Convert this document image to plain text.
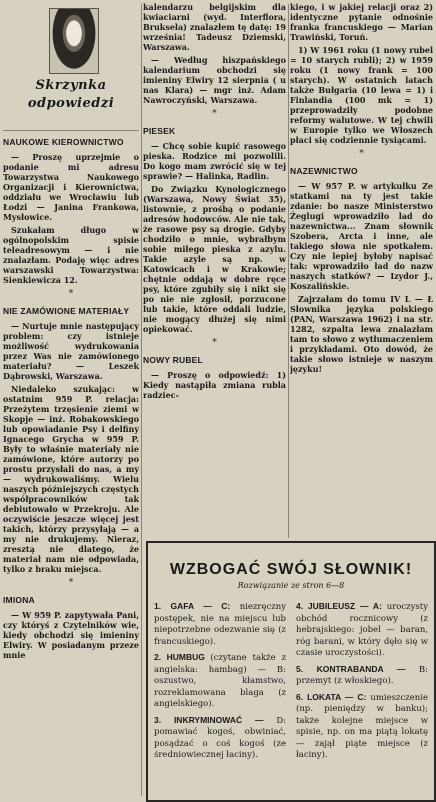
Skrzynka
odpowiedzi
NAUKOWE KIEROWNICTWO

— Proszę uprzejmie o podanie mi adresu Towarzystwa Naukowego Organizacji i Kierownictwa, oddziału we Wrocławiu lub Łodzi — Janina Frankowa, Mysłowice.

Szukałam długo w ogólnopolskim spisie teleadresowym — i nie znalazłam. Podaję więc adres warszawski Towarzystwa: Sienkiewicza 12.

*
NIE ZAMÓWIONE MATERIAŁY

— Nurtuje mnie następujący problem: czy istnieje możliwość wydrukowania przez Was nie zamówionego materiału? — Leszek Dąbrowski, Warszawa.

Niedaleko szukając: w ostatnim 959 P. relacja: Przeżytem trzęsienie ziemi w Skopje — inż. Robakowskiego lub opowiadanie Psy i delfiny Ignacego Grycha w 959 P. Były to właśnie materiały nie zamówione, które autorzy po prostu przysłali do nas, a my — wydrukowaliśmy. Wielu naszych późniejszych częstych współpracowników tak debiutowało w Przekroju. Ale oczywiście jeszcze więcej jest takich, którzy przysyłają — a my nie drukujemy. Nieraz, zresztą nie dlatego, że materiał nam nie odpowiada, tylko z braku miejsca.

*
IMIONA

— W 959 P. zapytywała Pani, czy któryś z Czytelników wie, kiedy obchodzi się imieniny Elwiry. W posiadanym przeze mnie

kalendarzu belgijskim dla kwiaciarni (wyd. Interflora, Bruksela) znalazłem tę datę: 19 września! Tadeusz Dziemski, Warszawa.

— Według hiszpańskiego kalendarium obchodzi się imieniny Elwiry 12 sierpnia ( u nas Klara) — mgr inż. Adam Nawroczyński, Warszawa.

*
PIESEK

— Chcę sobie kupić rasowego pieska. Rodzice mi pozwolili. Do kogo mam zwrócić się w tej sprawie? — Halinka, Radlin.

Do Związku Kynologicznego (Warszawa, Nowy Świat 35), listownie, z prośbą o podanie adresów hodowców. Ale nie tak, że rasowe psy są drogie. Gdyby chodziło o mnie, wybrałbym sobie miłego pieska z azylu. Takie azyle są np. w Katowicach i w Krakowie; chętnie oddają w dobre ręce psy, które zgubiły się i nikt się po nie nie zgłosił, porzucone lub takie, które oddali ludzie, nie mogący dłużej się nimi opiekować.

*
NOWY RUBEL

— Proszę o odpowiedź: 1) Kiedy nastąpiła zmiana rubla radziec-

kiego, i w jakiej relacji oraz 2) identyczne pytanie odnośnie franka francuskiego — Marian Trawiński, Toruń.

1) W 1961 roku (1 nowy rubel = 10 starych rubli); 2) w 1959 roku (1 nowy frank = 100 starych). W ostatnich latach także Bułgaria (10 lewa = 1) i Finlandia (100 mk = 1) przeprowadziły podobne reformy walutowe. W tej chwili w Europie tylko we Włoszech płaci się codziennie tysiącami.

*
NAZEWNICTWO

— W 957 P. w artykułku Ze statkami na ty jest takie zdanie: bo nasze Ministerstwo Żeglugi wprowadziło lad do nazewnictwa... Znam słownik Szobera, Arcta i inne, ale takiego słowa nie spotkałem. Czy nie lepiej byłoby napisać tak: wprowadziło ład do nazw naszych statków? — Izydor J., Koszalińskie.

Zajrzałam do tomu IV L — Ł Słownika języka polskiego (PAN, Warszawa 1962) i na str. 1282, szpalta lewa znalazłam tam to słowo z wytłumaczeniem i przykładami. Oto dowód, że takie słowo istnieje w naszym języku!

WZBOGAĆ SWÓJ SŁOWNIK!
Rozwiązanie ze stron 6—8

1. GAFA — C: niezręczny postępek, nie na miejscu lub niepotrzebne odezwanie się (z francuskiego).

2. HUMBUG (czytane także z angielska: hambag) — B: oszustwo, kłamstwo, rozreklamowana blaga (z angielskiego).

3. INKRYMINOWAĆ — D: pomawiać kogoś, obwiniać, posądzać o coś kogoś (ze średniowiecznej łaciny).

4. JUBILEUSZ — A: uroczysty obchód rocznicowy (z hebrajskiego: jobel — baran, róg barani, w który dęło się w czasie uroczystości).

5. KONTRABANDA — B: przemyt (z włoskiego).

6. LOKATA — C: umieszczenie (np. pieniędzy w banku); także kolejne miejsce w spisie, np. on ma piątą lokatę — zajął piąte miejsce (z łaciny).
